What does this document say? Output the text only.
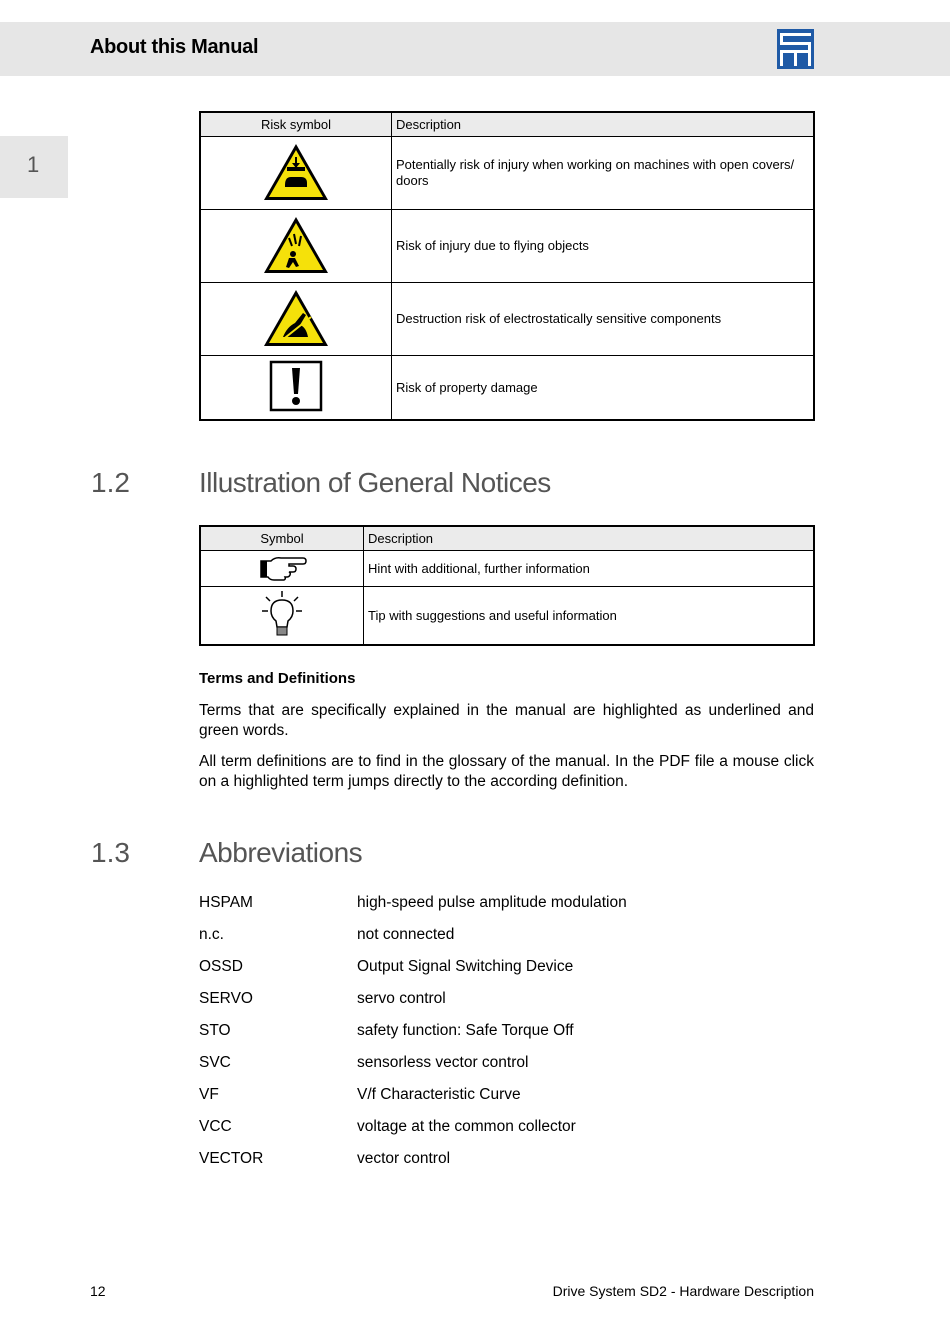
About this Manual
1
Risk symbol	Description
	Potentially risk of injury when working on machines with open covers/ doors
	Risk of injury due to flying objects
	Destruction risk of electrostatically sensitive components
	Risk of property damage
1.2 Illustration of General Notices
Symbol	Description
	Hint with additional, further information
	Tip with suggestions and useful information
Terms and Definitions
Terms that are specifically explained in the manual are highlighted as underlined and green words.
All term definitions are to find in the glossary of the manual. In the PDF file a mouse click on a highlighted term jumps directly to the according definition.
1.3 Abbreviations
HSPAM	high-speed pulse amplitude modulation
n.c.	not connected
OSSD	Output Signal Switching Device
SERVO	servo control
STO	safety function: Safe Torque Off
SVC	sensorless vector control
VF	V/f Characteristic Curve
VCC	voltage at the common collector
VECTOR	vector control
12	Drive System SD2 - Hardware Description
